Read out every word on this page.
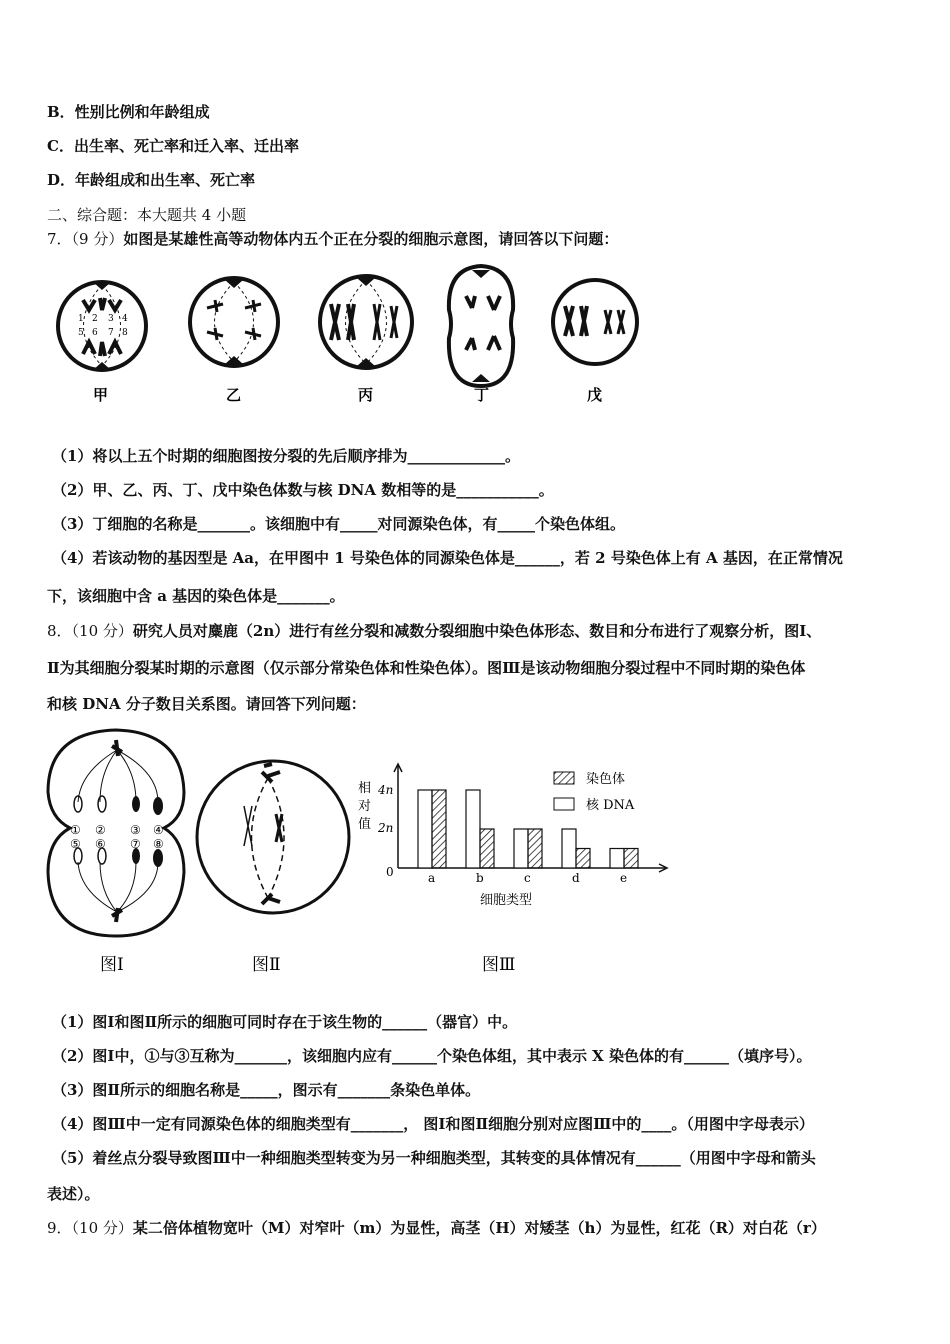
B．性别比例和年龄组成
C．出生率、死亡率和迁入率、迁出率
D．年龄组成和出生率、死亡率
二、综合题：本大题共 4 小题
7．（9 分）如图是某雄性高等动物体内五个正在分裂的细胞示意图，请回答以下问题：
1 2 3 4
5 6 7 8
甲	乙	丙	丁	戊
（1）将以上五个时期的细胞图按分裂的先后顺序排为_____________。
（2）甲、乙、丙、丁、戊中染色体数与核 DNA 数相等的是___________。
（3）丁细胞的名称是_______。该细胞中有_____对同源染色体，有_____个染色体组。
（4）若该动物的基因型是 Aa，在甲图中 1 号染色体的同源染色体是______，若 2 号染色体上有 A 基因，在正常情况
下，该细胞中含 a 基因的染色体是_______。
8．（10 分）研究人员对麋鹿（2n）进行有丝分裂和减数分裂细胞中染色体形态、数目和分布进行了观察分析，图Ⅰ、
Ⅱ为其细胞分裂某时期的示意图（仅示部分常染色体和性染色体）。图Ⅲ是该动物细胞分裂过程中不同时期的染色体
和核 DNA 分子数目关系图。请回答下列问题：
① ② ③ ④
⑤ ⑥ ⑦ ⑧
相
对
值
4n
2n
0	a	b	c	d	e
细胞类型
染色体
核 DNA
图Ⅰ	图Ⅱ	图Ⅲ
（1）图Ⅰ和图Ⅱ所示的细胞可同时存在于该生物的______（器官）中。
（2）图Ⅰ中，①与③互称为_______，该细胞内应有______个染色体组，其中表示 X 染色体的有______（填序号）。
（3）图Ⅱ所示的细胞名称是_____，图示有_______条染色单体。
（4）图Ⅲ中一定有同源染色体的细胞类型有_______， 图Ⅰ和图Ⅱ细胞分别对应图Ⅲ中的____。（用图中字母表示）
（5）着丝点分裂导致图Ⅲ中一种细胞类型转变为另一种细胞类型，其转变的具体情况有______（用图中字母和箭头
表述）。
9．（10 分）某二倍体植物宽叶（M）对窄叶（m）为显性，高茎（H）对矮茎（h）为显性，红花（R）对白花（r）
